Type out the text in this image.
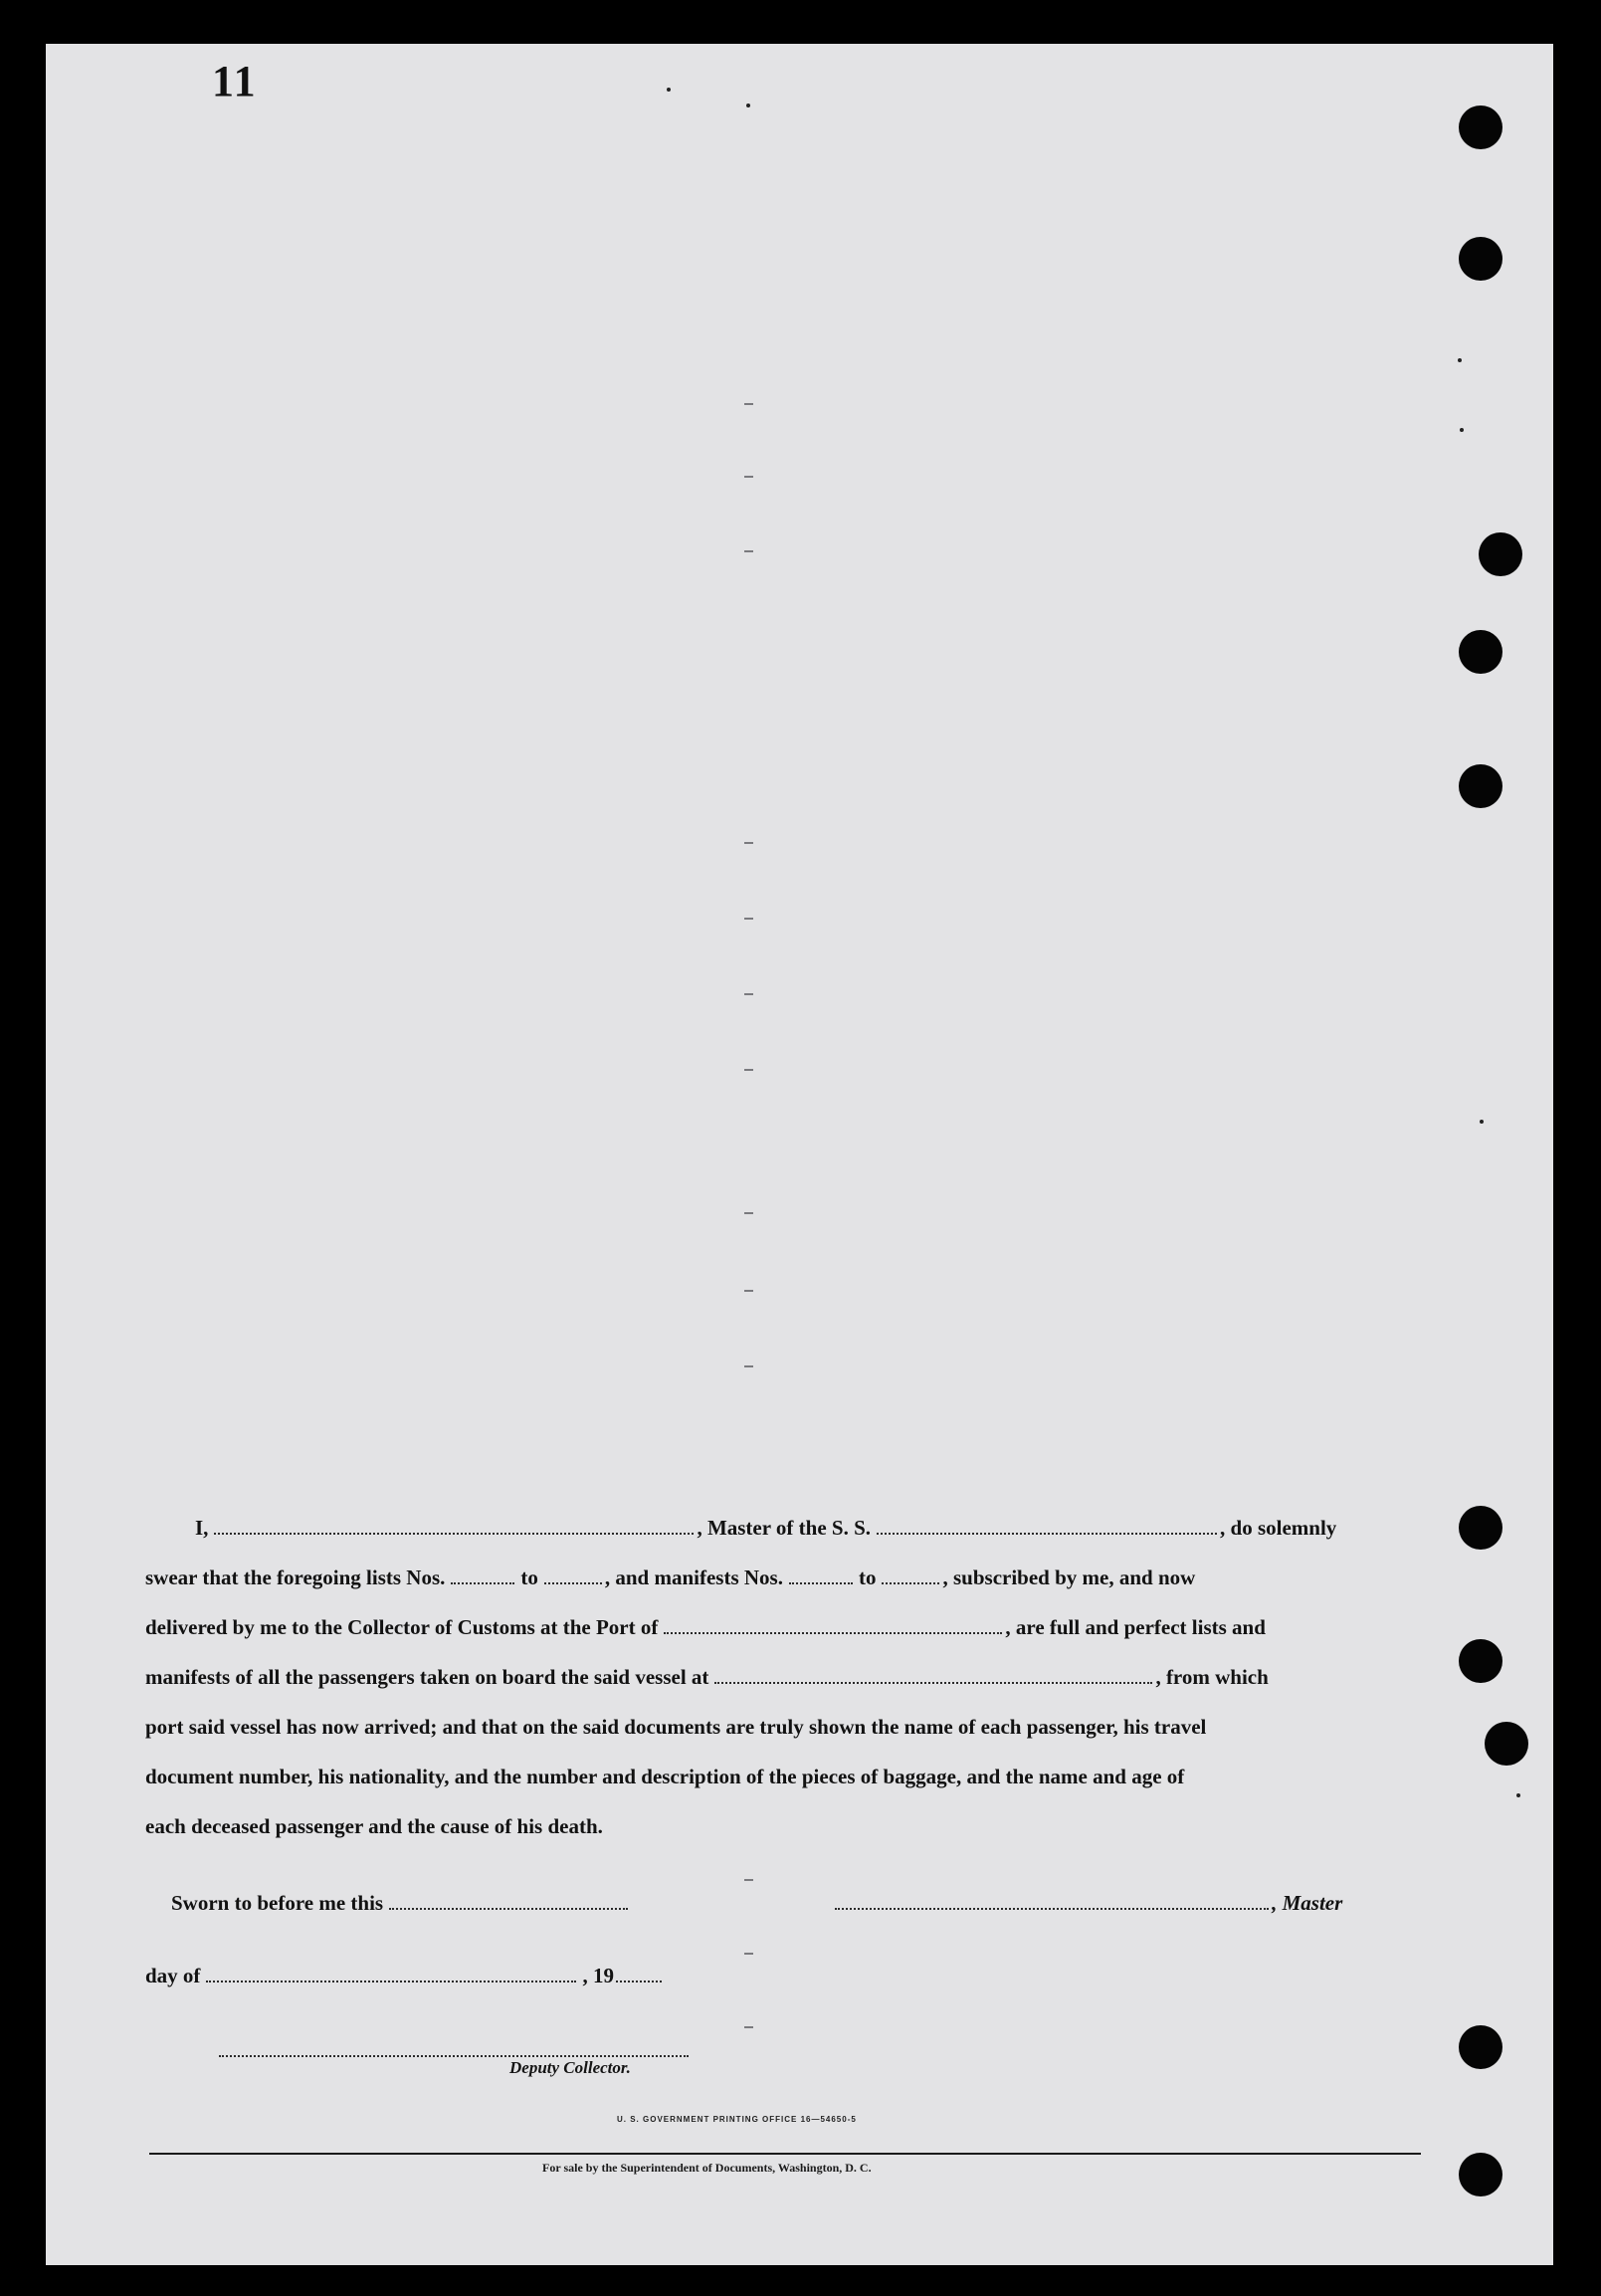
11
I,	, Master of the S. S.	, do solemnly
swear that the foregoing lists Nos.	to	, and manifests Nos.	to	, subscribed by me, and now
delivered by me to the Collector of Customs at the Port of	, are full and perfect lists and
manifests of all the passengers taken on board the said vessel at	, from which
port said vessel has now arrived; and that on the said documents are truly shown the name of each passenger, his travel
document number, his nationality, and the number and description of the pieces of baggage, and the name and age of
each deceased passenger and the cause of his death.
Sworn to before me this	, Master
day of	, 19
Deputy Collector.
U. S. GOVERNMENT PRINTING OFFICE 16—54650-5
For sale by the Superintendent of Documents, Washington, D. C.
